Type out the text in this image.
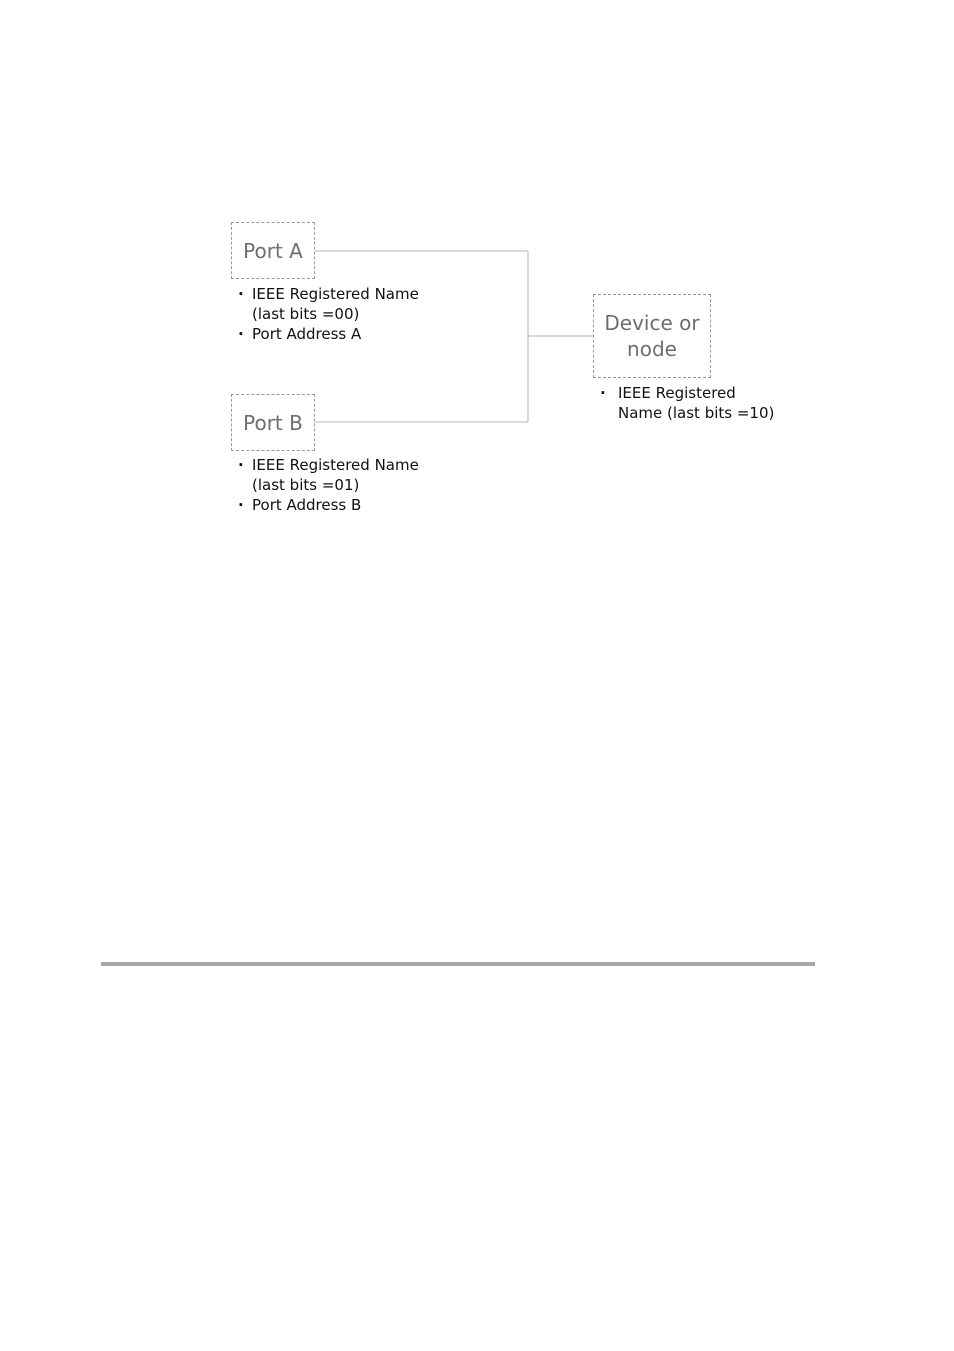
Port A
· IEEE Registered Name
(last bits =00)
· Port Address A
Port B
· IEEE Registered Name
(last bits =01)
· Port Address B
Device or
node
· IEEE Registered
Name (last bits =10)
